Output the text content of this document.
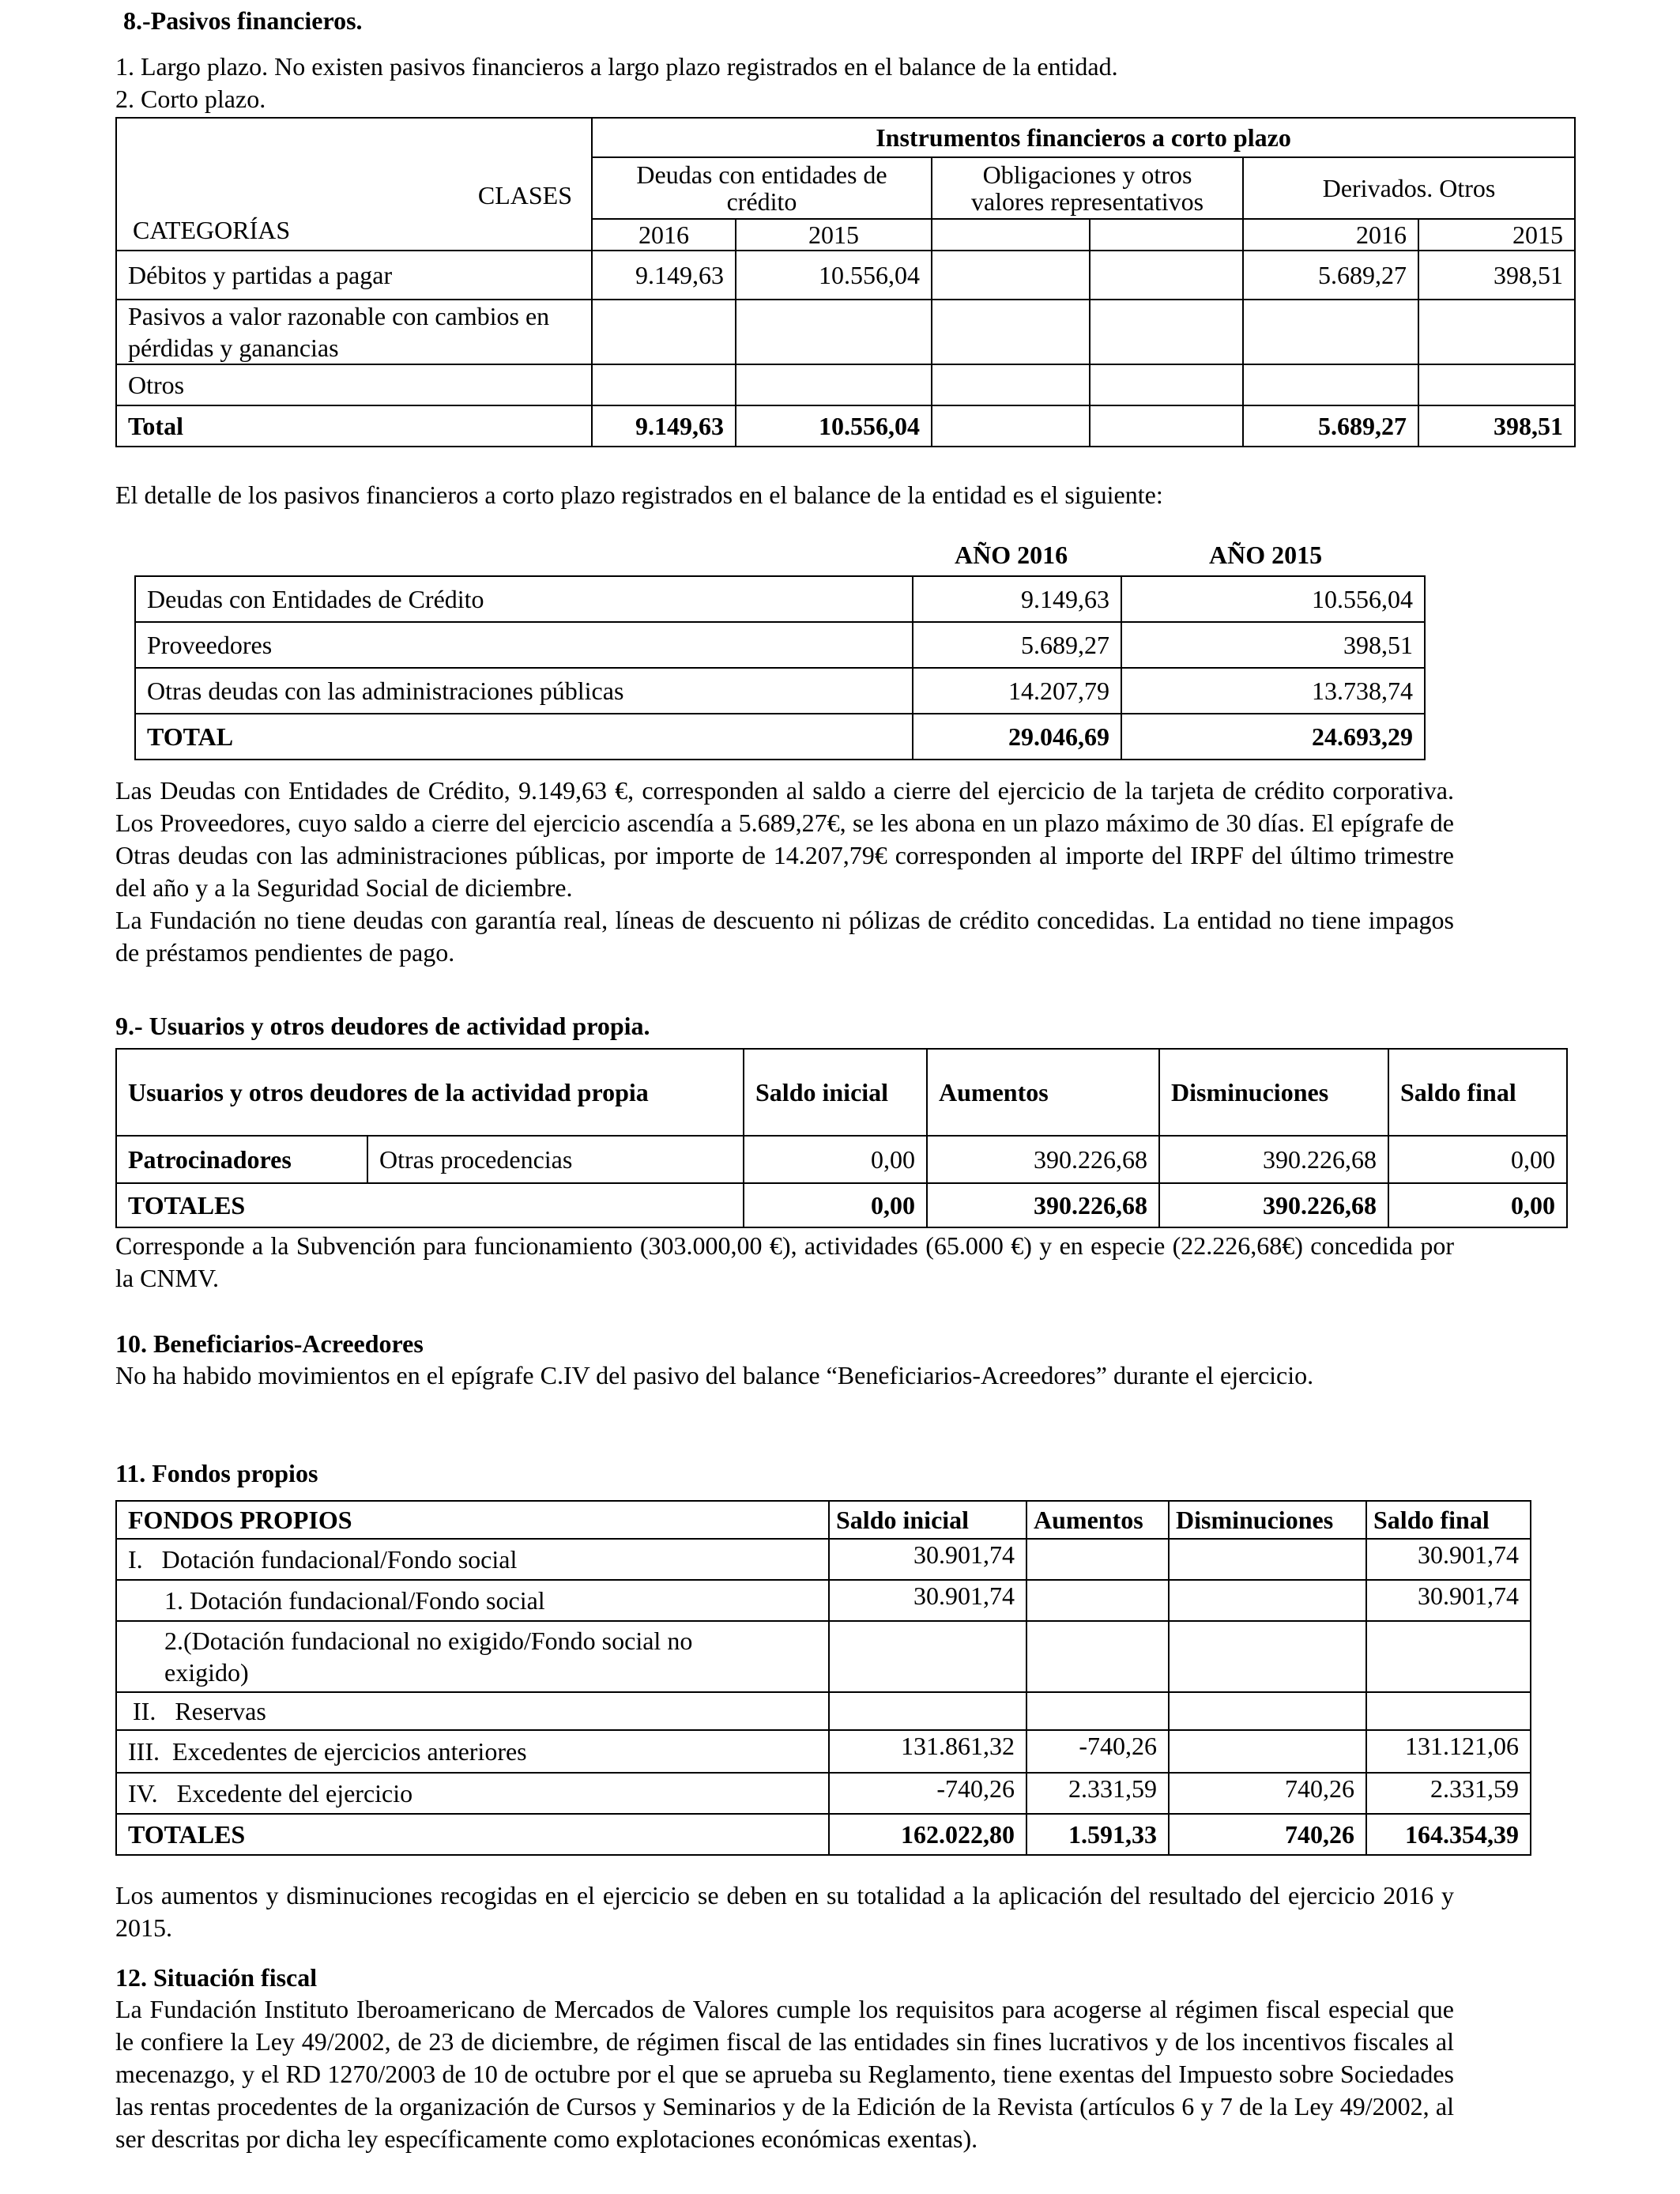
8.-Pasivos financieros.
1. Largo plazo. No existen pasivos financieros a largo plazo registrados en el balance de la entidad.
2. Corto plazo.
CLASES
CATEGORÍAS	Instrumentos financieros a corto plazo					
	Deudas con entidades de crédito		Obligaciones y otros valores representativos		Derivados. Otros	
	2016	2015			2016	2015
Débitos y partidas a pagar	9.149,63	10.556,04			5.689,27	398,51
Pasivos a valor razonable con cambios en pérdidas y ganancias						
Otros						
Total	9.149,63	10.556,04			5.689,27	398,51
El detalle de los pasivos financieros a corto plazo registrados en el balance de la entidad es el siguiente:
AÑO 2016	AÑO 2015
Deudas con Entidades de Crédito	9.149,63	10.556,04
Proveedores	5.689,27	398,51
Otras deudas con las administraciones públicas	14.207,79	13.738,74
TOTAL	29.046,69	24.693,29

Las Deudas con Entidades de Crédito, 9.149,63 €, corresponden al saldo a cierre del ejercicio de la tarjeta de crédito corporativa. Los Proveedores, cuyo saldo a cierre del ejercicio ascendía a 5.689,27€, se les abona en un plazo máximo de 30 días. El epígrafe de Otras deudas con las administraciones públicas, por importe de 14.207,79€ corresponden al importe del IRPF del último trimestre del año y a la Seguridad Social de diciembre.

La Fundación no tiene deudas con garantía real, líneas de descuento ni pólizas de crédito concedidas. La entidad no tiene impagos de préstamos pendientes de pago.

9.- Usuarios y otros deudores de actividad propia.
Usuarios y otros deudores de la actividad propia		Saldo inicial	Aumentos	Disminuciones	Saldo final
Patrocinadores	Otras procedencias	0,00	390.226,68	390.226,68	0,00
TOTALES		0,00	390.226,68	390.226,68	0,00
Corresponde a la Subvención para funcionamiento (303.000,00 €), actividades (65.000 €) y en especie (22.226,68€) concedida por la CNMV.
10. Beneficiarios-Acreedores
No ha habido movimientos en el epígrafe C.IV del pasivo del balance “Beneficiarios-Acreedores” durante el ejercicio.
11. Fondos propios
FONDOS PROPIOS	Saldo inicial	Aumentos	Disminuciones	Saldo final
I.   Dotación fundacional/Fondo social	30.901,74			30.901,74
1. Dotación fundacional/Fondo social	30.901,74			30.901,74
2.(Dotación fundacional no exigido/Fondo social no exigido)				
II.   Reservas				
III.  Excedentes de ejercicios anteriores	131.861,32	-740,26		131.121,06
IV.   Excedente del ejercicio	-740,26	2.331,59	740,26	2.331,59
TOTALES	162.022,80	1.591,33	740,26	164.354,39
Los aumentos y disminuciones recogidas en el ejercicio se deben en su totalidad a la aplicación del resultado del ejercicio 2016 y 2015.
12. Situación fiscal
La Fundación Instituto Iberoamericano de Mercados de Valores cumple los requisitos para acogerse al régimen fiscal especial que le confiere la Ley 49/2002, de 23 de diciembre, de régimen fiscal de las entidades sin fines lucrativos y de los incentivos fiscales al mecenazgo, y el RD 1270/2003 de 10 de octubre por el que se aprueba su Reglamento, tiene exentas del Impuesto sobre Sociedades las rentas procedentes de la organización de Cursos y Seminarios y de la Edición de la Revista (artículos 6 y 7 de la Ley 49/2002, al ser descritas por dicha ley específicamente como explotaciones económicas exentas).
